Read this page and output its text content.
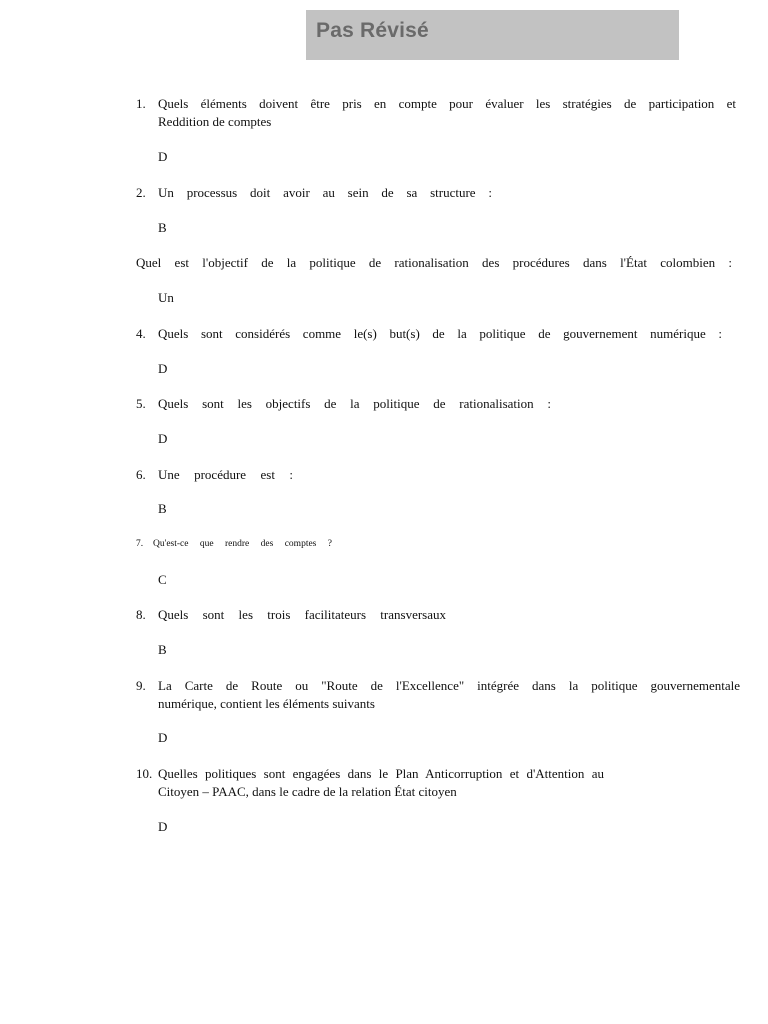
Pas Révisé
1. Quels éléments doivent être pris en compte pour évaluer les stratégies de participation et
Reddition de comptes
D
2. Un processus doit avoir au sein de sa structure :
B
Quel est l'objectif de la politique de rationalisation des procédures dans l'État colombien :
Un
4. Quels sont considérés comme le(s) but(s) de la politique de gouvernement numérique :
D
5. Quels sont les objectifs de la politique de rationalisation :
D
6. Une procédure est :
B
7. Qu'est-ce que rendre des comptes ?
C
8. Quels sont les trois facilitateurs transversaux
B
9. La Carte de Route ou "Route de l'Excellence" intégrée dans la politique gouvernementale
numérique, contient les éléments suivants
D
10. Quelles politiques sont engagées dans le Plan Anticorruption et d'Attention au
Citoyen – PAAC, dans le cadre de la relation État citoyen
D
